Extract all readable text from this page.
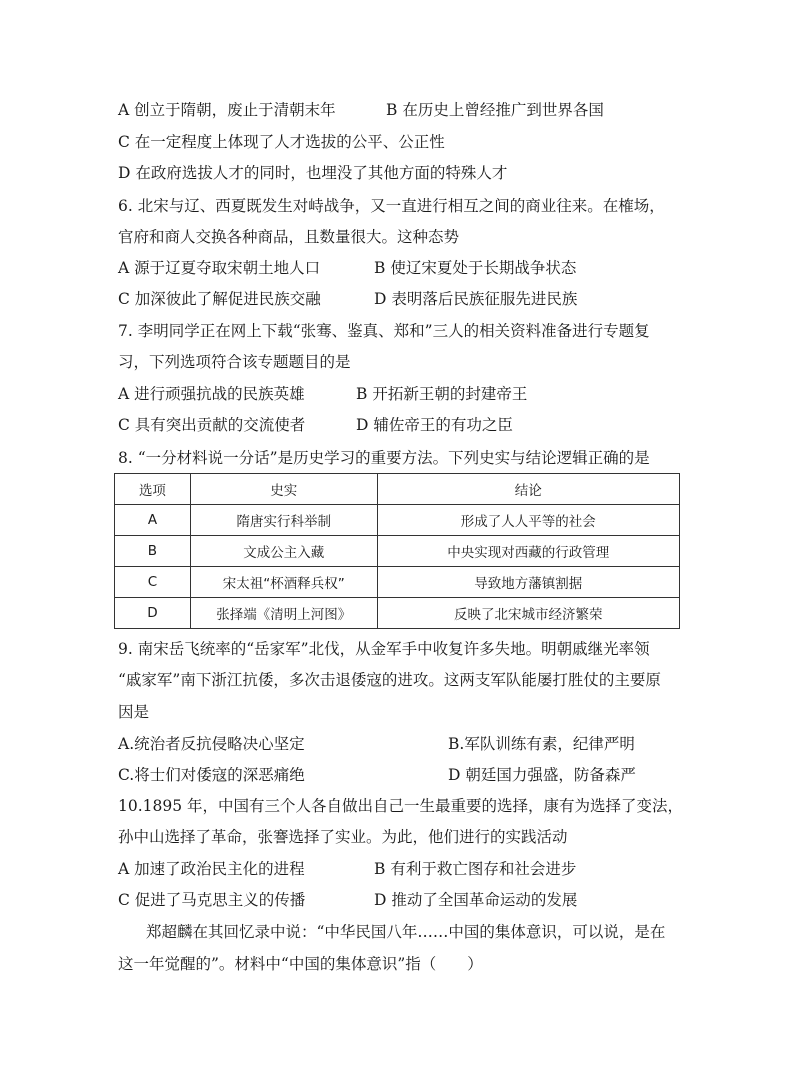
A 创立于隋朝，废止于清朝末年	B 在历史上曾经推广到世界各国
C 在一定程度上体现了人才选拔的公平、公正性
D 在政府选拔人才的同时，也埋没了其他方面的特殊人才
6. 北宋与辽、西夏既发生对峙战争，又一直进行相互之间的商业往来。在榷场，
官府和商人交换各种商品，且数量很大。这种态势
A 源于辽夏夺取宋朝土地人口	B 使辽宋夏处于长期战争状态
C 加深彼此了解促进民族交融	D 表明落后民族征服先进民族
7. 李明同学正在网上下载“张骞、鉴真、郑和”三人的相关资料准备进行专题复
习，下列选项符合该专题题目的是
A 进行顽强抗战的民族英雄	B 开拓新王朝的封建帝王
C 具有突出贡献的交流使者	D 辅佐帝王的有功之臣
8. “一分材料说一分话”是历史学习的重要方法。下列史实与结论逻辑正确的是
选项	史实	结论
A	隋唐实行科举制	形成了人人平等的社会
B	文成公主入藏	中央实现对西藏的行政管理
C	宋太祖“杯酒释兵权”	导致地方藩镇割据
D	张择端《清明上河图》	反映了北宋城市经济繁荣
9. 南宋岳飞统率的“岳家军”北伐，从金军手中收复许多失地。明朝戚继光率领
“戚家军”南下浙江抗倭，多次击退倭寇的进攻。这两支军队能屡打胜仗的主要原
因是
A.统治者反抗侵略决心坚定	B.军队训练有素，纪律严明
C.将士们对倭寇的深恶痛绝	D 朝廷国力强盛，防备森严
10.1895 年，中国有三个人各自做出自己一生最重要的选择，康有为选择了变法，
孙中山选择了革命，张謇选择了实业。为此，他们进行的实践活动
A 加速了政治民主化的进程	B 有利于救亡图存和社会进步
C 促进了马克思主义的传播	D 推动了全国革命运动的发展
郑超麟在其回忆录中说：“中华民国八年……中国的集体意识，可以说，是在
这一年觉醒的”。材料中“中国的集体意识”指（　　）
